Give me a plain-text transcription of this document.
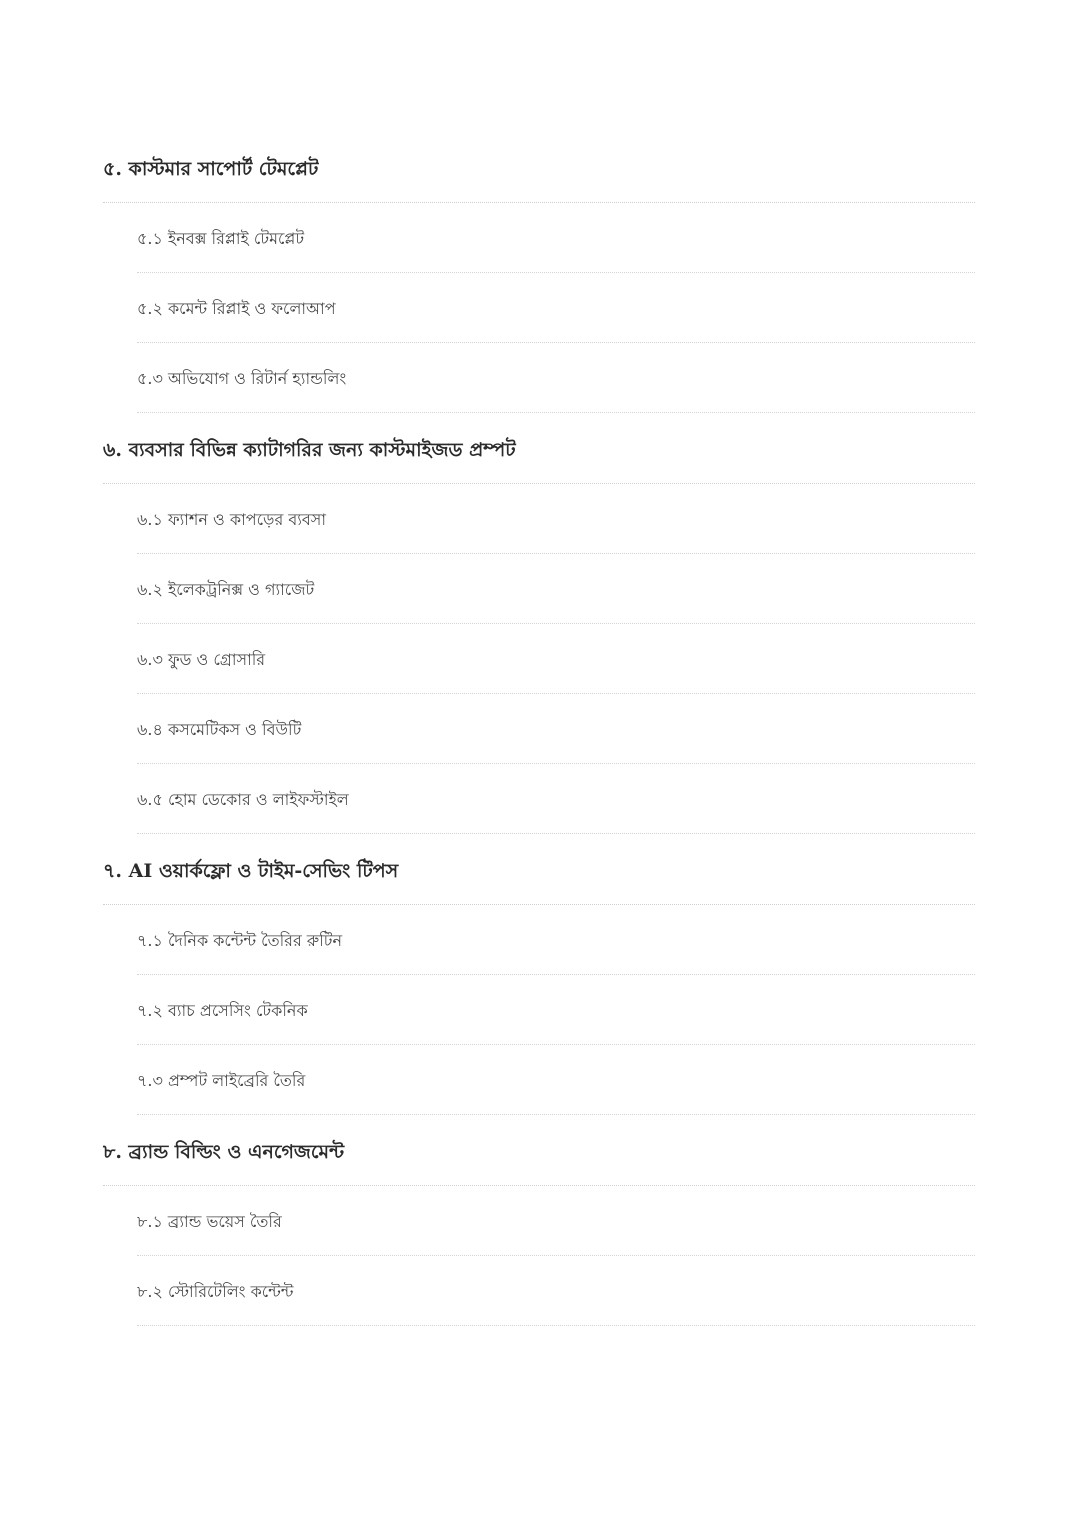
৫. কাস্টমার সাপোর্ট টেমপ্লেট
৫.১ ইনবক্স রিপ্লাই টেমপ্লেট
৫.২ কমেন্ট রিপ্লাই ও ফলোআপ
৫.৩ অভিযোগ ও রিটার্ন হ্যান্ডলিং
৬. ব্যবসার বিভিন্ন ক্যাটাগরির জন্য কাস্টমাইজড প্রম্পট
৬.১ ফ্যাশন ও কাপড়ের ব্যবসা
৬.২ ইলেকট্রনিক্স ও গ্যাজেট
৬.৩ ফুড ও গ্রোসারি
৬.৪ কসমেটিকস ও বিউটি
৬.৫ হোম ডেকোর ও লাইফস্টাইল
৭. AI ওয়ার্কফ্লো ও টাইম-সেভিং টিপস
৭.১ দৈনিক কন্টেন্ট তৈরির রুটিন
৭.২ ব্যাচ প্রসেসিং টেকনিক
৭.৩ প্রম্পট লাইব্রেরি তৈরি
৮. ব্র্যান্ড বিল্ডিং ও এনগেজমেন্ট
৮.১ ব্র্যান্ড ভয়েস তৈরি
৮.২ স্টোরিটেলিং কন্টেন্ট
